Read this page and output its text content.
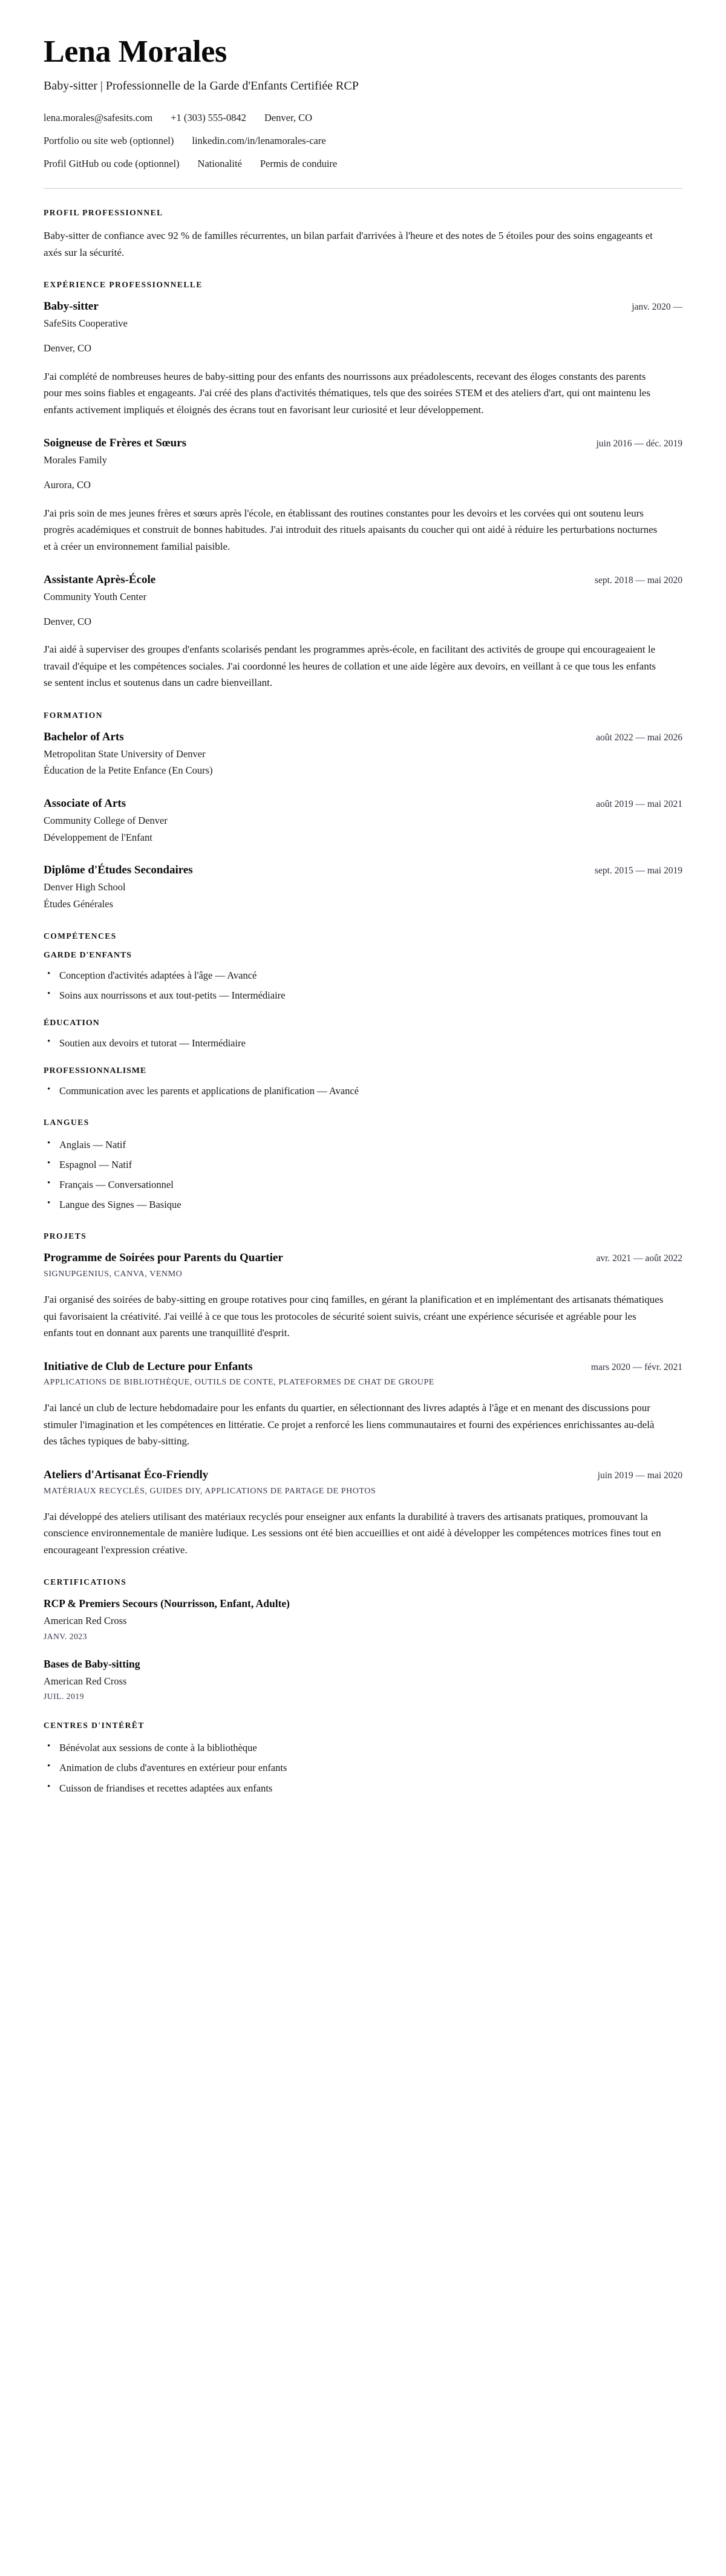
Lena Morales
Baby-sitter | Professionnelle de la Garde d'Enfants Certifiée RCP
lena.morales@safesits.com +1 (303) 555-0842 Denver, CO
Portfolio ou site web (optionnel) linkedin.com/in/lenamorales-care
Profil GitHub ou code (optionnel) Nationalité Permis de conduire
PROFIL PROFESSIONNEL

Baby-sitter de confiance avec 92 % de familles récurrentes, un bilan parfait d'arrivées à l'heure et des notes de 5 étoiles pour des soins engageants et axés sur la sécurité.

EXPÉRIENCE PROFESSIONNELLE
Baby-sitter	janv. 2020 —
SafeSits Cooperative
Denver, CO

J'ai complété de nombreuses heures de baby-sitting pour des enfants des nourrissons aux préadolescents, recevant des éloges constants des parents pour mes soins fiables et engageants. J'ai créé des plans d'activités thématiques, tels que des soirées STEM et des ateliers d'art, qui ont maintenu les enfants activement impliqués et éloignés des écrans tout en favorisant leur curiosité et leur développement.

Soigneuse de Frères et Sœurs	juin 2016 — déc. 2019
Morales Family
Aurora, CO

J'ai pris soin de mes jeunes frères et sœurs après l'école, en établissant des routines constantes pour les devoirs et les corvées qui ont soutenu leurs progrès académiques et construit de bonnes habitudes. J'ai introduit des rituels apaisants du coucher qui ont aidé à réduire les perturbations nocturnes et à créer un environnement familial paisible.

Assistante Après-École	sept. 2018 — mai 2020
Community Youth Center
Denver, CO

J'ai aidé à superviser des groupes d'enfants scolarisés pendant les programmes après-école, en facilitant des activités de groupe qui encourageaient le travail d'équipe et les compétences sociales. J'ai coordonné les heures de collation et une aide légère aux devoirs, en veillant à ce que tous les enfants se sentent inclus et soutenus dans un cadre bienveillant.

FORMATION
Bachelor of Arts	août 2022 — mai 2026
Metropolitan State University of Denver
Éducation de la Petite Enfance (En Cours)
Associate of Arts	août 2019 — mai 2021
Community College of Denver
Développement de l'Enfant
Diplôme d'Études Secondaires	sept. 2015 — mai 2019
Denver High School
Études Générales
COMPÉTENCES
GARDE D'ENFANTS
• Conception d'activités adaptées à l'âge — Avancé
• Soins aux nourrissons et aux tout-petits — Intermédiaire
ÉDUCATION
• Soutien aux devoirs et tutorat — Intermédiaire
PROFESSIONNALISME
• Communication avec les parents et applications de planification — Avancé
LANGUES
• Anglais — Natif
• Espagnol — Natif
• Français — Conversationnel
• Langue des Signes — Basique
PROJETS
Programme de Soirées pour Parents du Quartier	avr. 2021 — août 2022
SIGNUPGENIUS, CANVA, VENMO

J'ai organisé des soirées de baby-sitting en groupe rotatives pour cinq familles, en gérant la planification et en implémentant des artisanats thématiques qui favorisaient la créativité. J'ai veillé à ce que tous les protocoles de sécurité soient suivis, créant une expérience sécurisée et agréable pour les enfants tout en donnant aux parents une tranquillité d'esprit.

Initiative de Club de Lecture pour Enfants	mars 2020 — févr. 2021
APPLICATIONS DE BIBLIOTHÈQUE, OUTILS DE CONTE, PLATEFORMES DE CHAT DE GROUPE

J'ai lancé un club de lecture hebdomadaire pour les enfants du quartier, en sélectionnant des livres adaptés à l'âge et en menant des discussions pour stimuler l'imagination et les compétences en littératie. Ce projet a renforcé les liens communautaires et fourni des expériences enrichissantes au-delà des tâches typiques de baby-sitting.

Ateliers d'Artisanat Éco-Friendly	juin 2019 — mai 2020
MATÉRIAUX RECYCLÉS, GUIDES DIY, APPLICATIONS DE PARTAGE DE PHOTOS

J'ai développé des ateliers utilisant des matériaux recyclés pour enseigner aux enfants la durabilité à travers des artisanats pratiques, promouvant la conscience environnementale de manière ludique. Les sessions ont été bien accueillies et ont aidé à développer les compétences motrices fines tout en encourageant l'expression créative.

CERTIFICATIONS
RCP & Premiers Secours (Nourrisson, Enfant, Adulte)
American Red Cross
JANV. 2023
Bases de Baby-sitting
American Red Cross
JUIL. 2019
CENTRES D'INTÉRÊT
• Bénévolat aux sessions de conte à la bibliothèque
• Animation de clubs d'aventures en extérieur pour enfants
• Cuisson de friandises et recettes adaptées aux enfants
